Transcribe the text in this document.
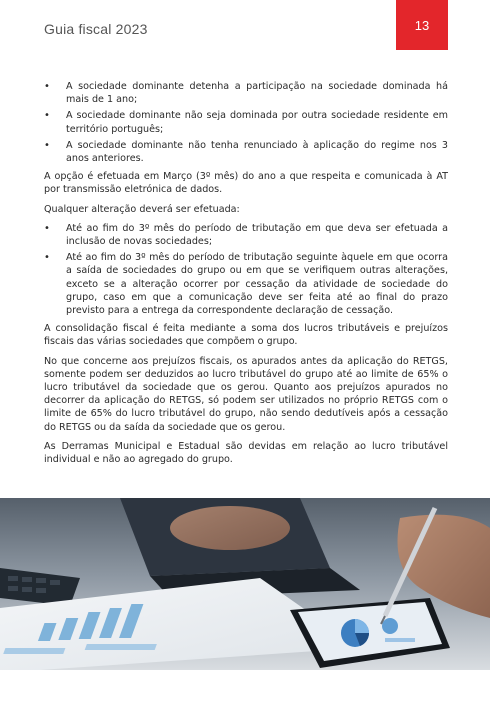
Guia fiscal 2023	13
• A sociedade dominante detenha a participação na sociedade dominada há mais de 1 ano;
• A sociedade dominante não seja dominada por outra sociedade residente em território português;
• A sociedade dominante não tenha renunciado à aplicação do regime nos 3 anos anteriores.

A opção é efetuada em Março (3º mês) do ano a que respeita e comunicada à AT por transmissão eletrónica de dados.

Qualquer alteração deverá ser efetuada:

• Até ao fim do 3º mês do período de tributação em que deva ser efetuada a inclusão de novas sociedades;
• Até ao fim do 3º mês do período de tributação seguinte àquele em que ocorra a saída de sociedades do grupo ou em que se verifiquem outras alterações, exceto se a alteração ocorrer por cessação da atividade de sociedade do grupo, caso em que a comunicação deve ser feita até ao final do prazo previsto para a entrega da correspondente declaração de cessação.

A consolidação fiscal é feita mediante a soma dos lucros tributáveis e prejuízos fiscais das várias sociedades que compõem o grupo.

No que concerne aos prejuízos fiscais, os apurados antes da aplicação do RETGS, somente podem ser deduzidos ao lucro tributável do grupo até ao limite de 65% o lucro tributável da sociedade que os gerou. Quanto aos prejuízos apurados no decorrer da aplicação do RETGS, só podem ser utilizados no próprio RETGS com o limite de 65% do lucro tributável do grupo, não sendo dedutíveis após a cessação do RETGS ou da saída da sociedade que os gerou.

As Derramas Municipal e Estadual são devidas em relação ao lucro tributável individual e não ao agregado do grupo.
